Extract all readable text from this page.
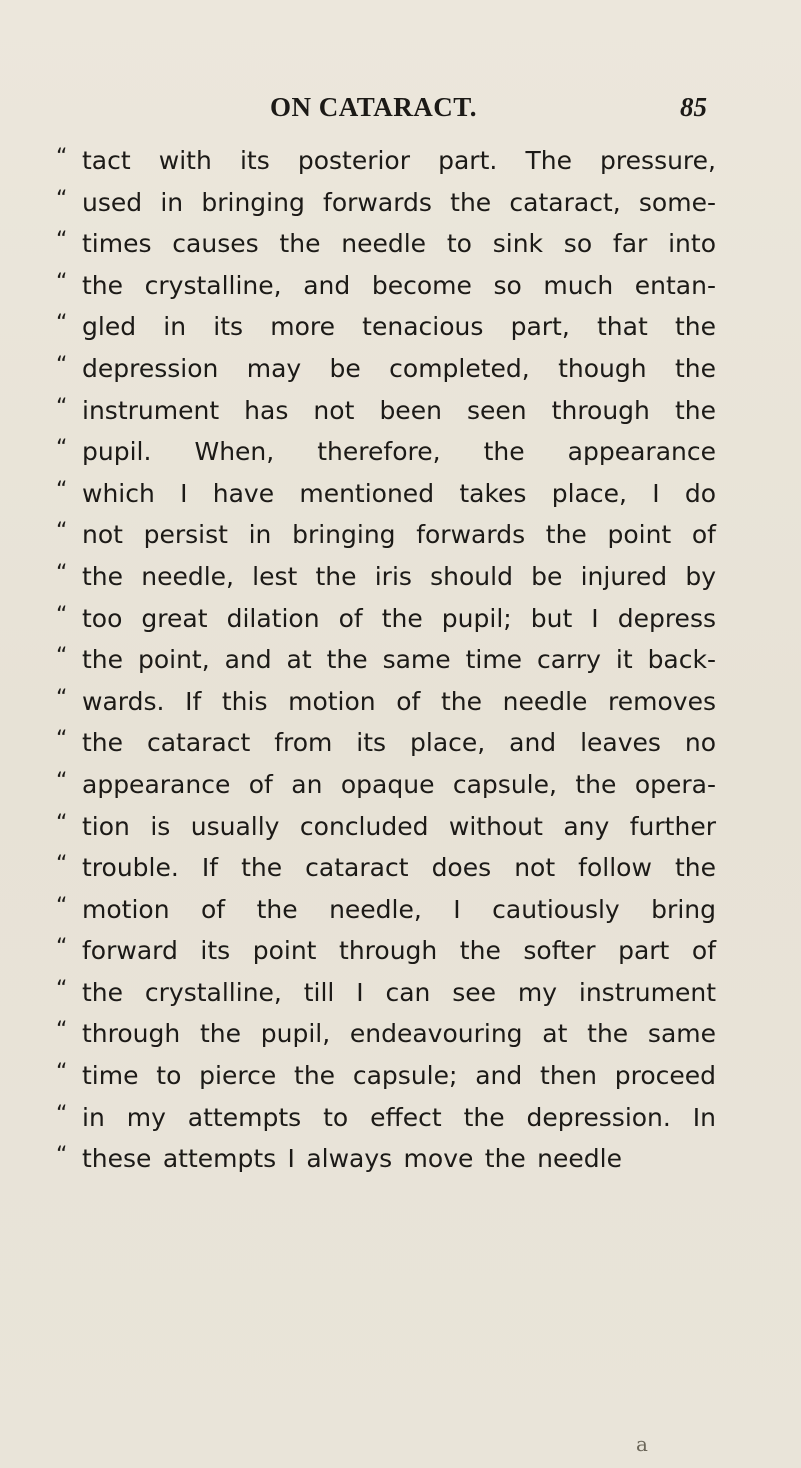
ON CATARACT.	85
“ tact with its posterior part. The pressure,
“ used in bringing forwards the cataract, some-
“ times causes the needle to sink so far into
“ the crystalline, and become so much entan-
“ gled in its more tenacious part, that the
“ depression may be completed, though the
“ instrument has not been seen through the
“ pupil. When, therefore, the appearance
“ which I have mentioned takes place, I do
“ not persist in bringing forwards the point of
“ the needle, lest the iris should be injured by
“ too great dilation of the pupil; but I depress
“ the point, and at the same time carry it back-
“ wards. If this motion of the needle removes
“ the cataract from its place, and leaves no
“ appearance of an opaque capsule, the opera-
“ tion is usually concluded without any further
“ trouble. If the cataract does not follow the
“ motion of the needle, I cautiously bring
“ forward its point through the softer part of
“ the crystalline, till I can see my instrument
“ through the pupil, endeavouring at the same
“ time to pierce the capsule; and then proceed
“ in my attempts to effect the depression. In
“ these attempts I always move the needle
a
